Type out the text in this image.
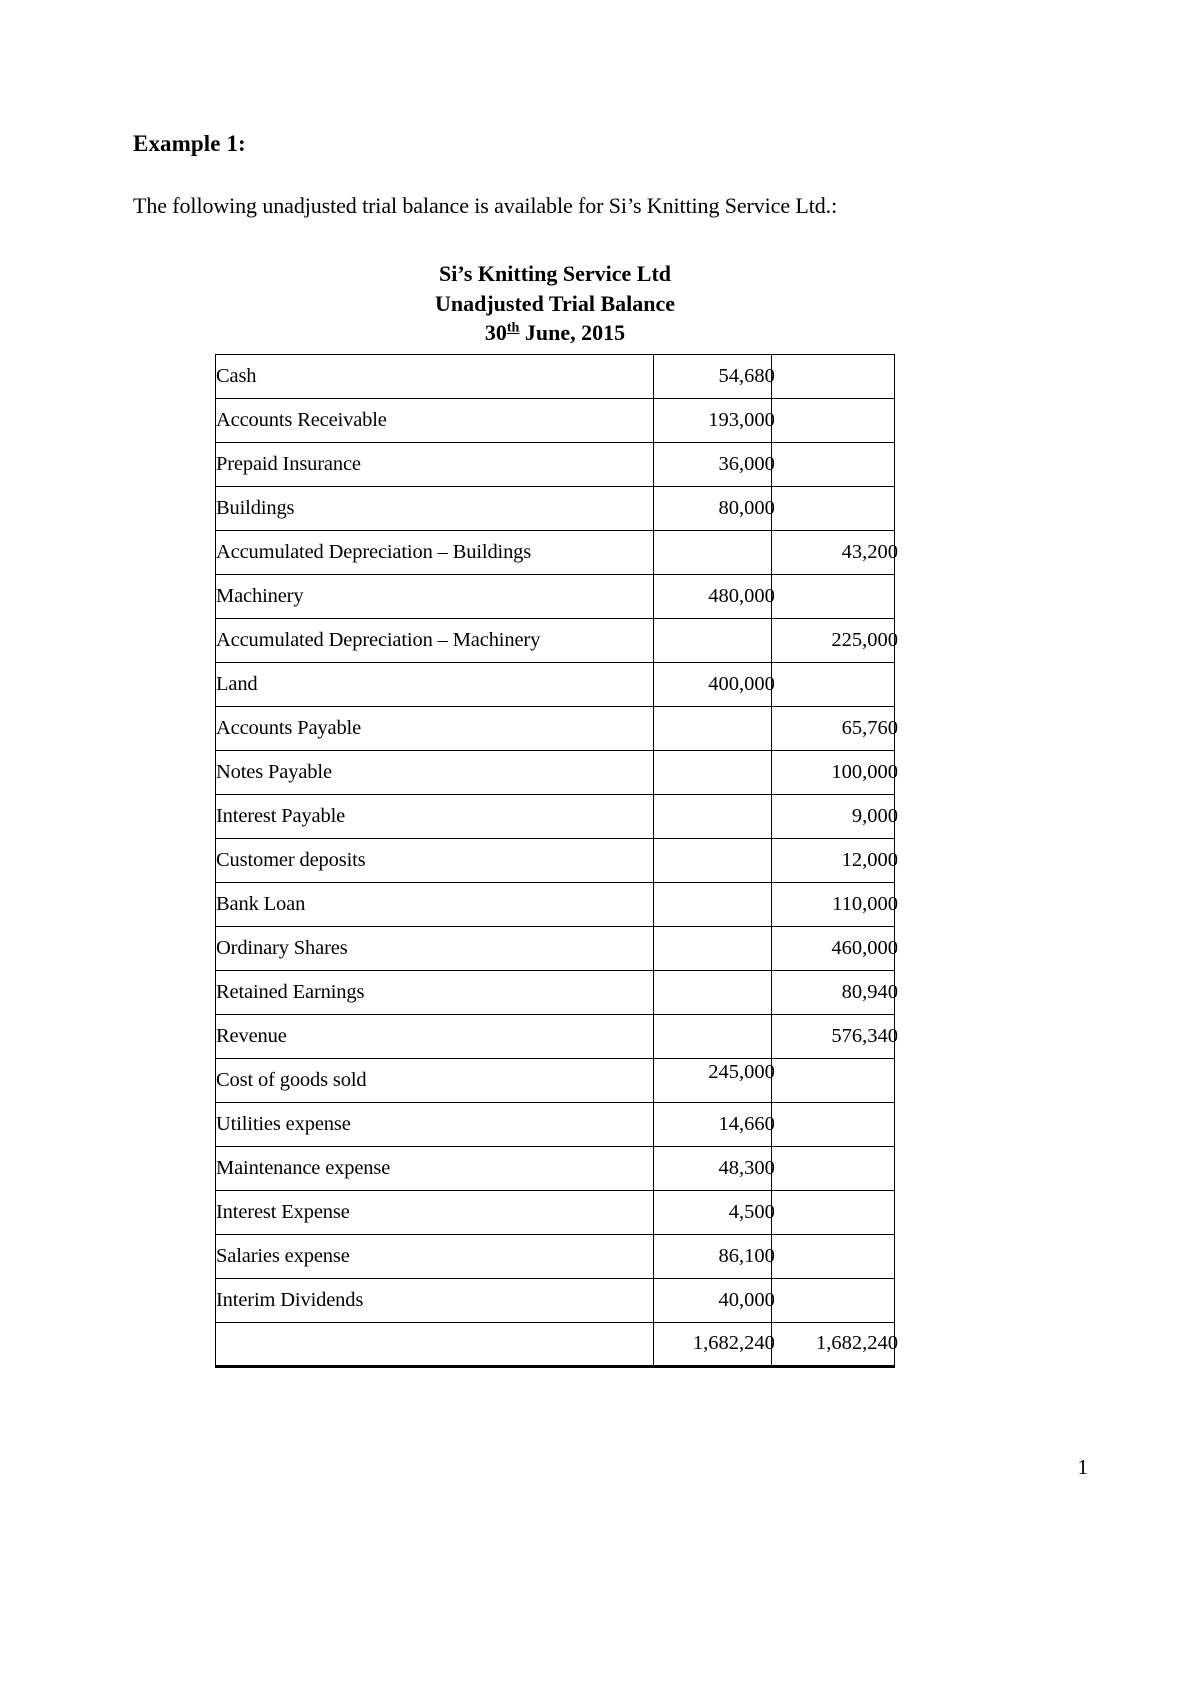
Example 1:
The following unadjusted trial balance is available for Si’s Knitting Service Ltd.:
Si’s Knitting Service Ltd
Unadjusted Trial Balance
30th June, 2015
Cash	54,680	
Accounts Receivable	193,000	
Prepaid Insurance	36,000	
Buildings	80,000	
Accumulated Depreciation – Buildings		43,200
Machinery	480,000	
Accumulated Depreciation – Machinery		225,000
Land	400,000	
Accounts Payable		65,760
Notes Payable		100,000
Interest Payable		9,000
Customer deposits		12,000
Bank Loan		110,000
Ordinary Shares		460,000
Retained Earnings		80,940
Revenue		576,340
Cost of goods sold	245,000	
Utilities expense	14,660	
Maintenance expense	48,300	
Interest Expense	4,500	
Salaries expense	86,100	
Interim Dividends	40,000	
	1,682,240	1,682,240
1
